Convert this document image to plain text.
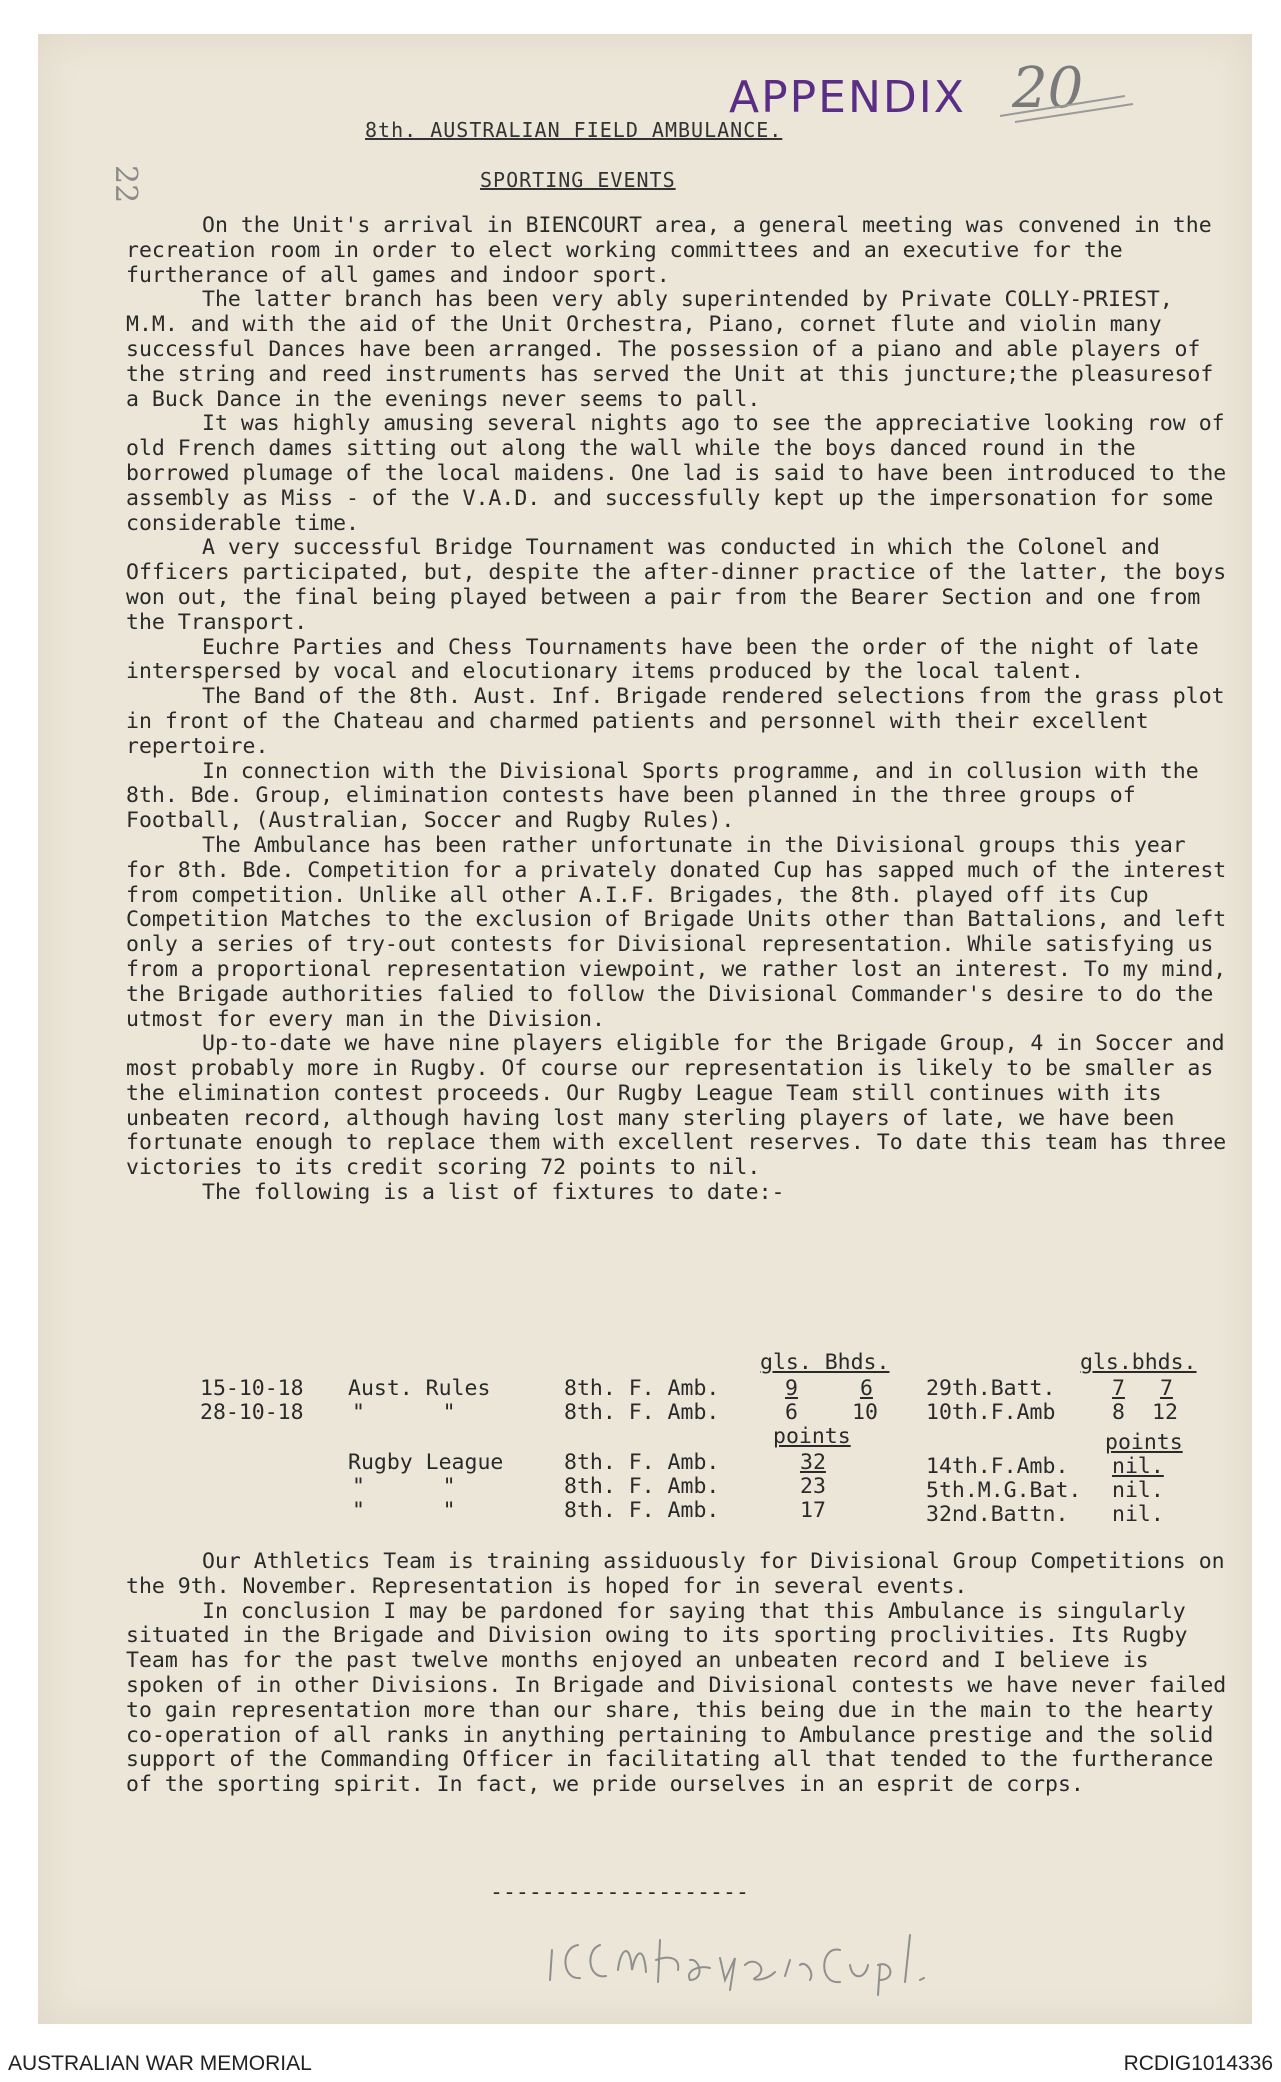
APPENDIX 20
22
8th. AUSTRALIAN FIELD AMBULANCE.
SPORTING EVENTS

On the Unit's arrival in BIENCOURT area, a general meeting was convened in the recreation room in order to elect working committees and an executive for the furtherance of all games and indoor sport.

The latter branch has been very ably superintended by Private COLLY-PRIEST, M.M. and with the aid of the Unit Orchestra, Piano, cornet flute and violin many successful Dances have been arranged. The possession of a piano and able players of the string and reed instruments has served the Unit at this juncture;the pleasuresof a Buck Dance in the evenings never seems to pall.

It was highly amusing several nights ago to see the appreciative looking row of old French dames sitting out along the wall while the boys danced round in the borrowed plumage of the local maidens. One lad is said to have been introduced to the assembly as Miss - of the V.A.D. and successfully kept up the impersonation for some considerable time.

A very successful Bridge Tournament was conducted in which the Colonel and Officers participated, but, despite the after-dinner practice of the latter, the boys won out, the final being played between a pair from the Bearer Section and one from the Transport.

Euchre Parties and Chess Tournaments have been the order of the night of late interspersed by vocal and elocutionary items produced by the local talent.

The Band of the 8th. Aust. Inf. Brigade rendered selections from the grass plot in front of the Chateau and charmed patients and personnel with their excellent repertoire.

In connection with the Divisional Sports programme, and in collusion with the 8th. Bde. Group, elimination contests have been planned in the three groups of Football, (Australian, Soccer and Rugby Rules).

The Ambulance has been rather unfortunate in the Divisional groups this year for 8th. Bde. Competition for a privately donated Cup has sapped much of the interest from competition. Unlike all other A.I.F. Brigades, the 8th. played off its Cup Competition Matches to the exclusion of Brigade Units other than Battalions, and left only a series of try-out contests for Divisional representation. While satisfying us from a proportional representation viewpoint, we rather lost an interest. To my mind, the Brigade authorities falied to follow the Divisional Commander's desire to do the utmost for every man in the Division.

Up-to-date we have nine players eligible for the Brigade Group, 4 in Soccer and most probably more in Rugby. Of course our representation is likely to be smaller as the elimination contest proceeds. Our Rugby League Team still continues with its unbeaten record, although having lost many sterling players of late, we have been fortunate enough to replace them with excellent reserves. To date this team has three victories to its credit scoring 72 points to nil.

The following is a list of fixtures to date:-

gls. Bhds.	gls.bhds.
15-10-18 Aust. Rules	8th. F. Amb.	9	6 29th.Batt.	7 7
28-10-18 "      "	8th. F. Amb.	6	10 10th.F.Amb	8 12
points	points
Rugby League	8th. F. Amb.	32	14th.F.Amb. nil.
"      "	8th. F. Amb.	23	5th.M.G.Bat. nil.
"      "	8th. F. Amb.	17	32nd.Battn. nil.

Our Athletics Team is training assiduously for Divisional Group Competitions on the 9th. November. Representation is hoped for in several events.

In conclusion I may be pardoned for saying that this Ambulance is singularly situated in the Brigade and Division owing to its sporting proclivities. Its Rugby Team has for the past twelve months enjoyed an unbeaten record and I believe is spoken of in other Divisions. In Brigade and Divisional contests we have never failed to gain representation more than our share, this being due in the main to the hearty co-operation of all ranks in anything pertaining to Ambulance prestige and the solid support of the Commanding Officer in facilitating all that tended to the furtherance of the sporting spirit. In fact, we pride ourselves in an esprit de corps.

--------------------
AUSTRALIAN WAR MEMORIAL	RCDIG1014336
